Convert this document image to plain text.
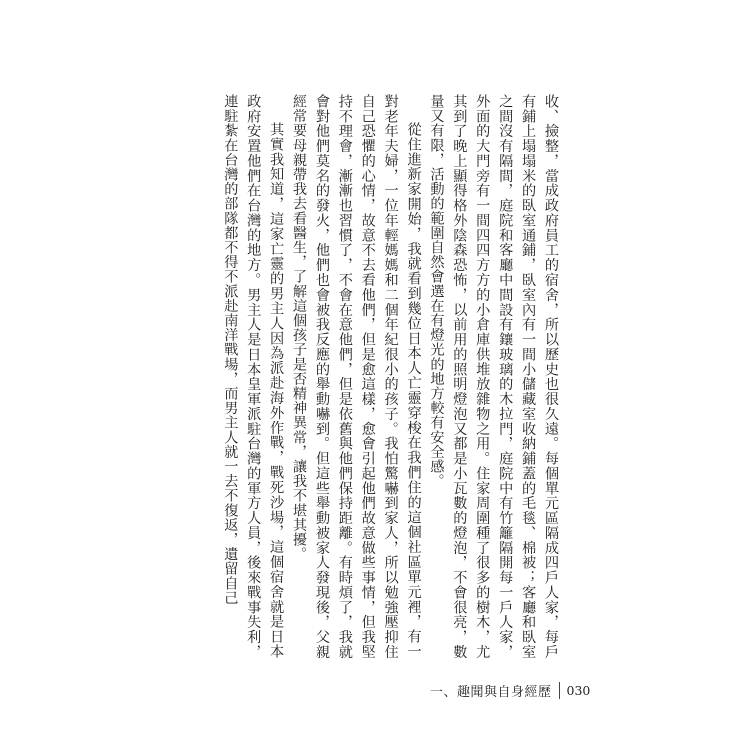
收、撿整，當成政府員工的宿舍，所以歷史也很久遠。每個單元區隔成四戶人家，每戶有鋪上塌塌米的臥室通鋪，臥室內有一間小儲藏室收納鋪蓋的毛毯、棉被；客廳和臥室之間沒有隔間，庭院和客廳中間設有鑲玻璃的木拉門，庭院中有竹籬隔開每一戶人家，外面的大門旁有一間四四方方的小倉庫供堆放雜物之用。住家周圍種了很多的樹木，尤其到了晚上顯得格外陰森恐怖，以前用的照明燈泡又都是小瓦數的燈泡，不會很亮，數量又有限，活動的範圍自然會選在有燈光的地方較有安全感。

從住進新家開始，我就看到幾位日本人亡靈穿梭在我們住的這個社區單元裡，有一對老年夫婦，一位年輕媽媽和二個年紀很小的孩子。我怕驚嚇到家人，所以勉強壓抑住自己恐懼的心情，故意不去看他們，但是愈這樣，愈會引起他們故意做些事情，但我堅持不理會，漸漸也習慣了，不會在意他們，但是依舊與他們保持距離。有時煩了，我就會對他們莫名的發火，他們也會被我反應的舉動嚇到。但這些舉動被家人發現後，父親經常要母親帶我去看醫生，了解這個孩子是否精神異常，讓我不堪其擾。

其實我知道，這家亡靈的男主人因為派赴海外作戰，戰死沙場，這個宿舍就是日本政府安置他們在台灣的地方。男主人是日本皇軍派駐台灣的軍方人員，後來戰事失利，連駐紮在台灣的部隊都不得不派赴南洋戰場，而男主人就一去不復返，遺留自己

一、趣聞與自身經歷 030
